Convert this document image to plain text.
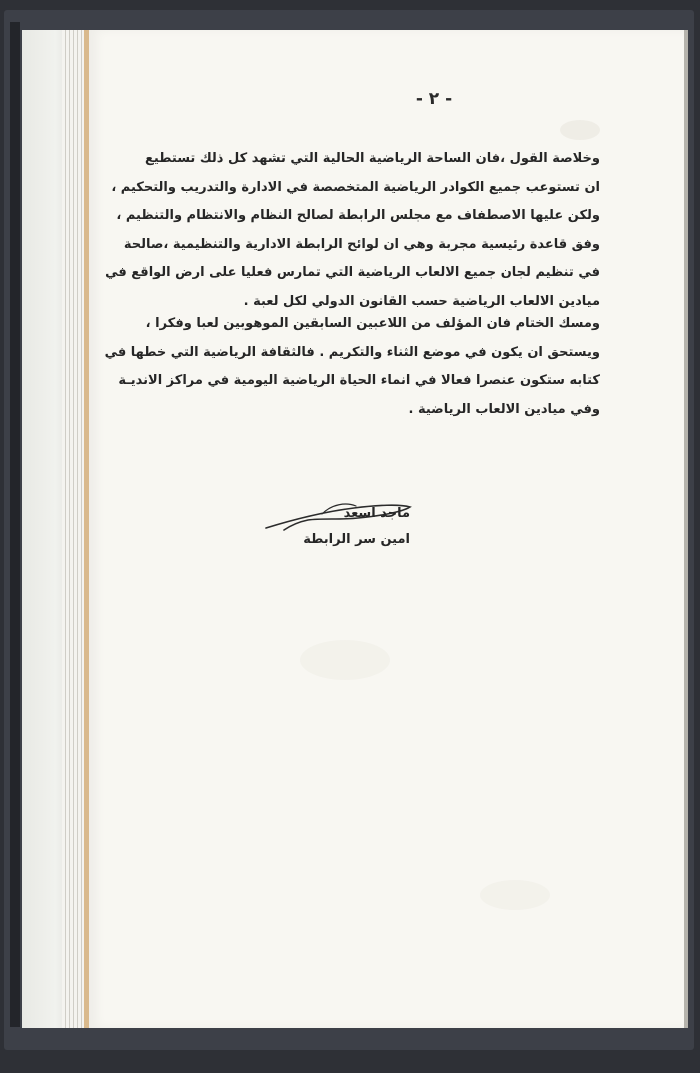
- ٢ -
وخلاصة القول ،فان الساحة الرياضية الحالية التي تشهد كل ذلك تستطيع
ان تستوعب جميع الكوادر الرياضية المتخصصة في الادارة والتدريب والتحكيم ،
ولكن عليها الاصطفاف مع مجلس الرابطة لصالح النظام والانتظام والتنظيم ،
وفق قاعدة رئيسية مجربة وهي ان لوائح الرابطة الادارية والتنظيمية ،صالحة
في تنظيم لجان جميع الالعاب الرياضية التي تمارس فعليا على ارض الواقع في
ميادين الالعاب الرياضية حسب القانون الدولي لكل لعبة .
ومسك الختام فان المؤلف من اللاعبين السابقين الموهوبين لعبا وفكرا ،
ويستحق ان يكون في موضع الثناء والتكريم . فالثقافة الرياضية التي خطها في
كتابه ستكون عنصرا فعالا في انماء الحياة الرياضية اليومية في مراكز الانديـة
وفي ميادين الالعاب الرياضية .
ماجد اسعد
امين سر الرابطة
